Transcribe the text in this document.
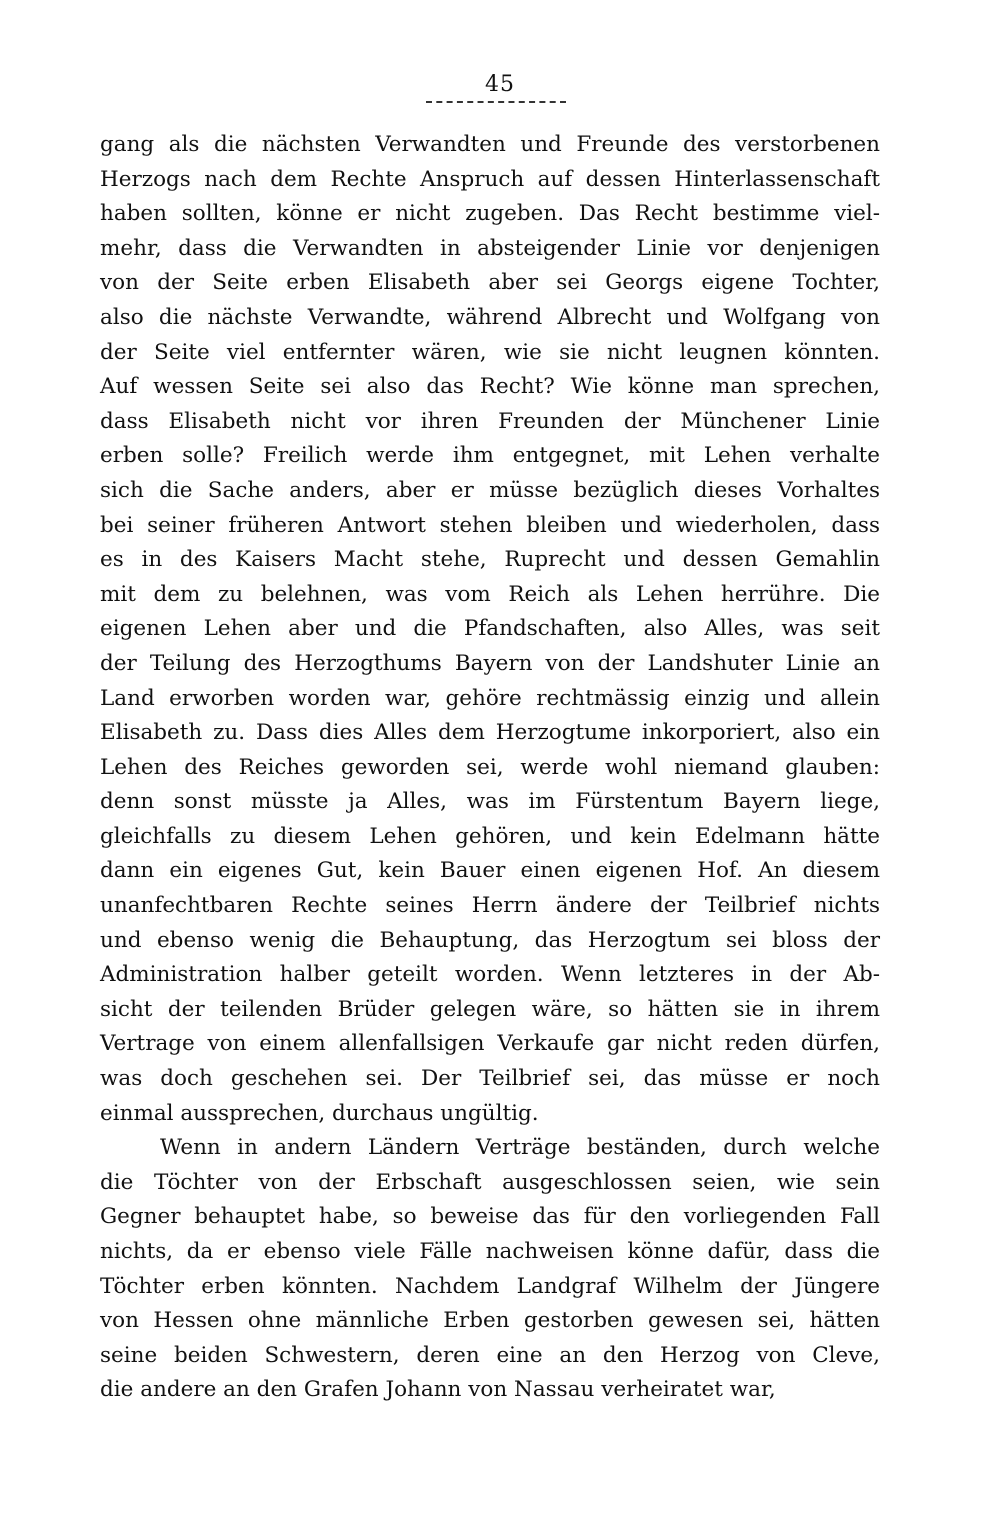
45
gang als die nächsten Verwandten und Freunde des verstorbenen
Herzogs nach dem Rechte Anspruch auf dessen Hinterlassenschaft
haben sollten, könne er nicht zugeben. Das Recht bestimme viel-
mehr, dass die Verwandten in absteigender Linie vor denjenigen
von der Seite erben Elisabeth aber sei Georgs eigene Tochter,
also die nächste Verwandte, während Albrecht und Wolfgang von
der Seite viel entfernter wären, wie sie nicht leugnen könnten.
Auf wessen Seite sei also das Recht? Wie könne man sprechen,
dass Elisabeth nicht vor ihren Freunden der Münchener Linie
erben solle? Freilich werde ihm entgegnet, mit Lehen verhalte
sich die Sache anders, aber er müsse bezüglich dieses Vorhaltes
bei seiner früheren Antwort stehen bleiben und wiederholen, dass
es in des Kaisers Macht stehe, Ruprecht und dessen Gemahlin
mit dem zu belehnen, was vom Reich als Lehen herrühre. Die
eigenen Lehen aber und die Pfandschaften, also Alles, was seit
der Teilung des Herzogthums Bayern von der Landshuter Linie an
Land erworben worden war, gehöre rechtmässig einzig und allein
Elisabeth zu. Dass dies Alles dem Herzogtume inkorporiert, also ein
Lehen des Reiches geworden sei, werde wohl niemand glauben:
denn sonst müsste ja Alles, was im Fürstentum Bayern liege,
gleichfalls zu diesem Lehen gehören, und kein Edelmann hätte
dann ein eigenes Gut, kein Bauer einen eigenen Hof. An diesem
unanfechtbaren Rechte seines Herrn ändere der Teilbrief nichts
und ebenso wenig die Behauptung, das Herzogtum sei bloss der
Administration halber geteilt worden. Wenn letzteres in der Ab-
sicht der teilenden Brüder gelegen wäre, so hätten sie in ihrem
Vertrage von einem allenfallsigen Verkaufe gar nicht reden dürfen,
was doch geschehen sei. Der Teilbrief sei, das müsse er noch
einmal aussprechen, durchaus ungültig.
Wenn in andern Ländern Verträge beständen, durch welche
die Töchter von der Erbschaft ausgeschlossen seien, wie sein
Gegner behauptet habe, so beweise das für den vorliegenden Fall
nichts, da er ebenso viele Fälle nachweisen könne dafür, dass die
Töchter erben könnten. Nachdem Landgraf Wilhelm der Jüngere
von Hessen ohne männliche Erben gestorben gewesen sei, hätten
seine beiden Schwestern, deren eine an den Herzog von Cleve,
die andere an den Grafen Johann von Nassau verheiratet war,
